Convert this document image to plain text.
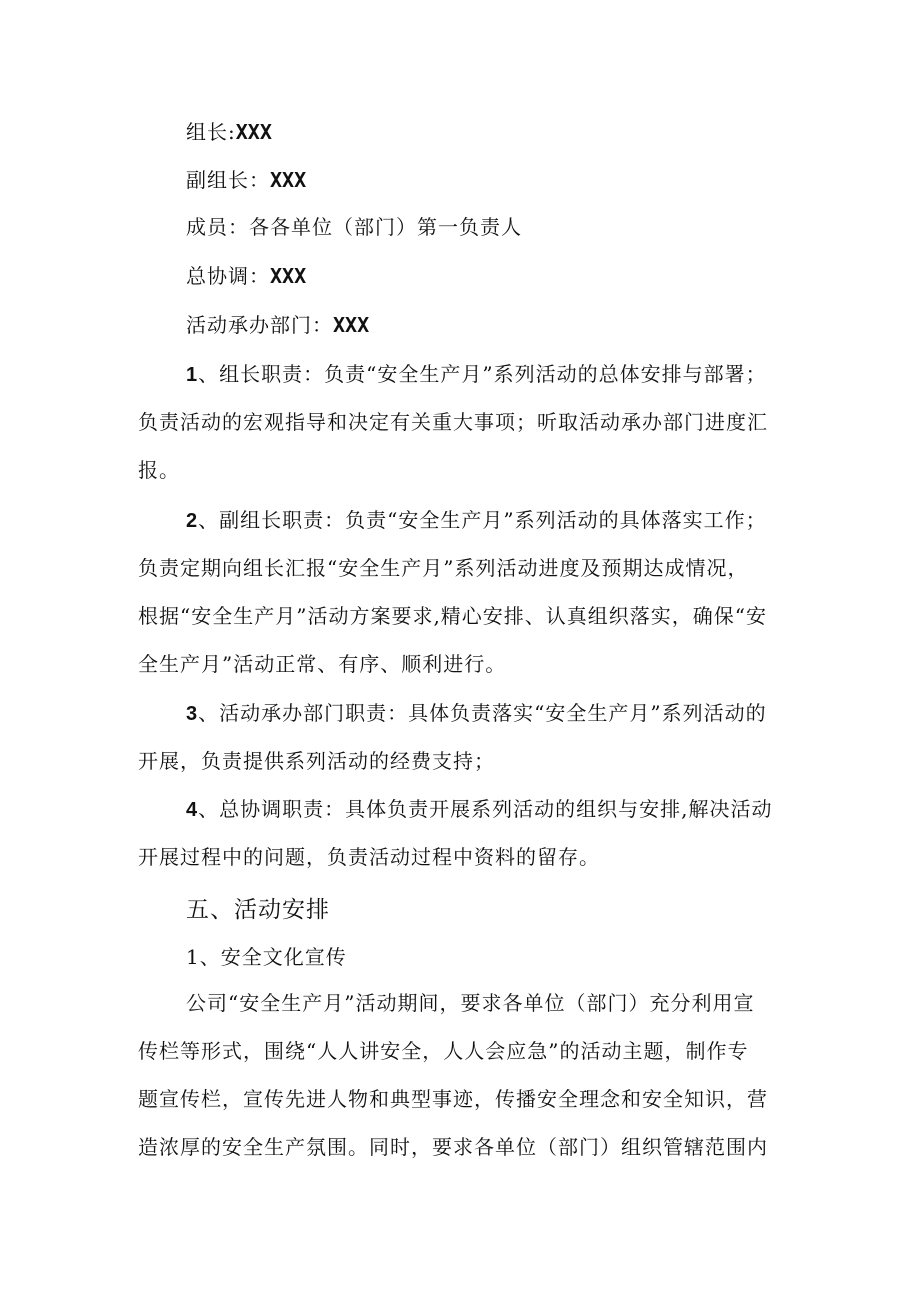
组长:XXX
副组长：XXX
成员：各各单位（部门）第一负责人
总协调：XXX
活动承办部门：XXX
1、组长职责：负责“安全生产月”系列活动的总体安排与部署；
负责活动的宏观指导和决定有关重大事项；听取活动承办部门进度汇
报。
2、副组长职责：负责“安全生产月”系列活动的具体落实工作；
负责定期向组长汇报“安全生产月”系列活动进度及预期达成情况，
根据“安全生产月”活动方案要求,精心安排、认真组织落实，确保“安
全生产月”活动正常、有序、顺利进行。
3、活动承办部门职责：具体负责落实“安全生产月”系列活动的
开展，负责提供系列活动的经费支持；
4、总协调职责：具体负责开展系列活动的组织与安排,解决活动
开展过程中的问题，负责活动过程中资料的留存。
五、活动安排
1、安全文化宣传
公司“安全生产月”活动期间，要求各单位（部门）充分利用宣
传栏等形式，围绕“人人讲安全，人人会应急”的活动主题，制作专
题宣传栏，宣传先进人物和典型事迹，传播安全理念和安全知识，营
造浓厚的安全生产氛围。同时，要求各单位（部门）组织管辖范围内
